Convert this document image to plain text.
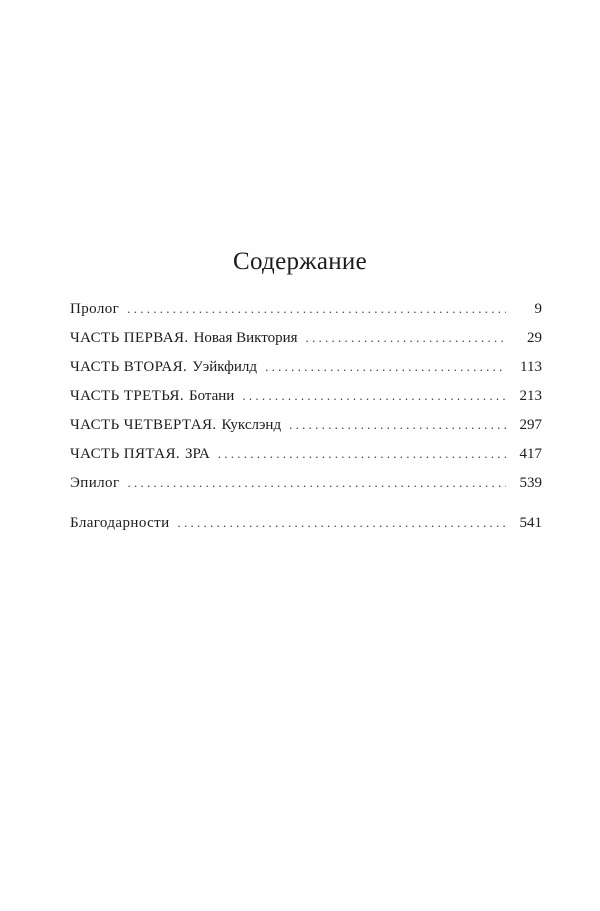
Содержание
Пролог . . .	9
ЧАСТЬ ПЕРВАЯ. Новая Виктория . . .	29
ЧАСТЬ ВТОРАЯ. Уэйкфилд . . .	113
ЧАСТЬ ТРЕТЬЯ. Ботани . . .	213
ЧАСТЬ ЧЕТВЕРТАЯ. Кукслэнд . . .	297
ЧАСТЬ ПЯТАЯ. ЗРА . . .	417
Эпилог . . .	539
Благодарности . . .	541
